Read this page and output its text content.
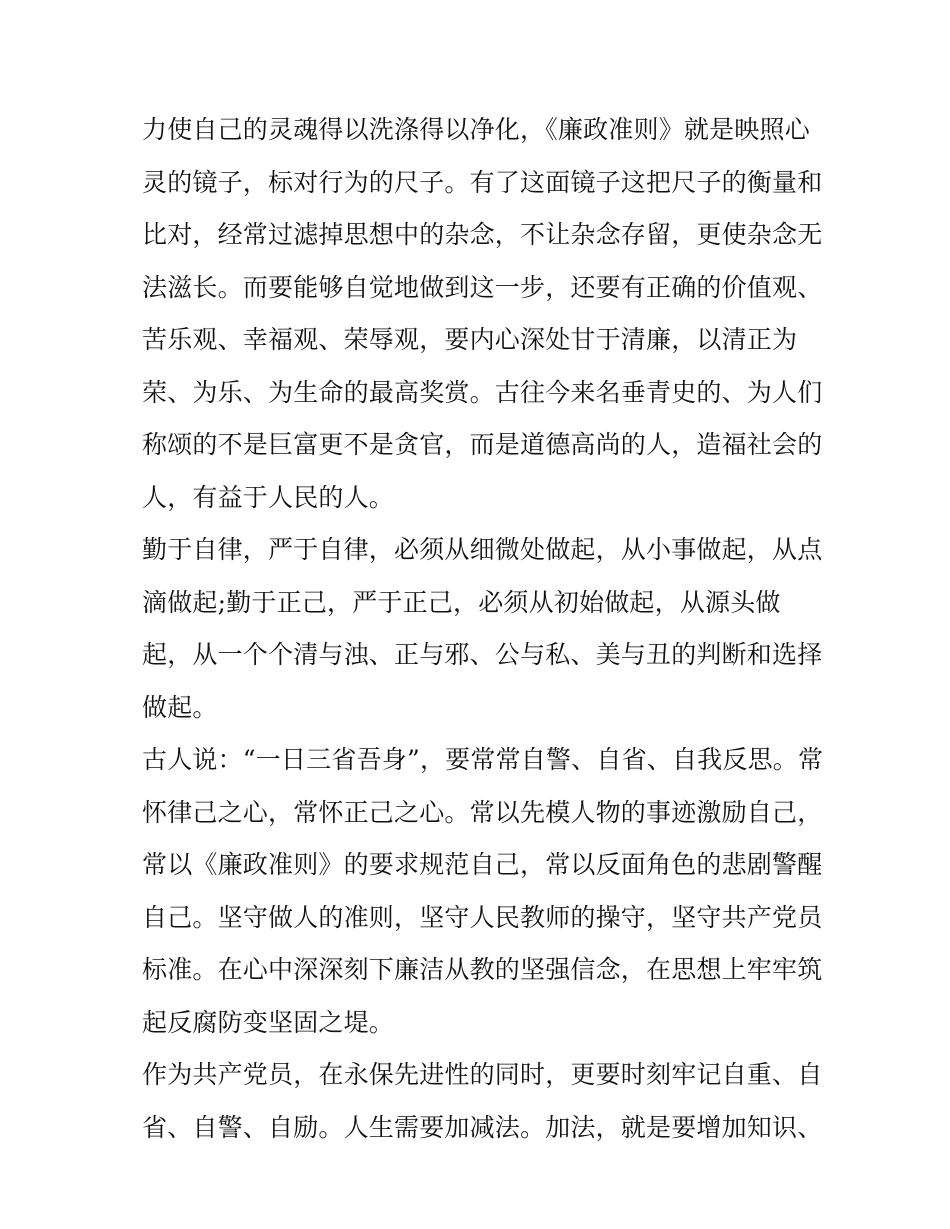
力使自己的灵魂得以洗涤得以净化，《廉政准则》就是映照心
灵的镜子，标对行为的尺子。有了这面镜子这把尺子的衡量和
比对，经常过滤掉思想中的杂念，不让杂念存留，更使杂念无
法滋长。而要能够自觉地做到这一步，还要有正确的价值观、
苦乐观、幸福观、荣辱观，要内心深处甘于清廉，以清正为
荣、为乐、为生命的最高奖赏。古往今来名垂青史的、为人们
称颂的不是巨富更不是贪官，而是道德高尚的人，造福社会的
人，有益于人民的人。
勤于自律，严于自律，必须从细微处做起，从小事做起，从点
滴做起;勤于正己，严于正己，必须从初始做起，从源头做
起，从一个个清与浊、正与邪、公与私、美与丑的判断和选择
做起。
古人说：“一日三省吾身”，要常常自警、自省、自我反思。常
怀律己之心，常怀正己之心。常以先模人物的事迹激励自己，
常以《廉政准则》的要求规范自己，常以反面角色的悲剧警醒
自己。坚守做人的准则，坚守人民教师的操守，坚守共产党员
标准。在心中深深刻下廉洁从教的坚强信念，在思想上牢牢筑
起反腐防变坚固之堤。
作为共产党员，在永保先进性的同时，更要时刻牢记自重、自
省、自警、自励。人生需要加减法。加法，就是要增加知识、
